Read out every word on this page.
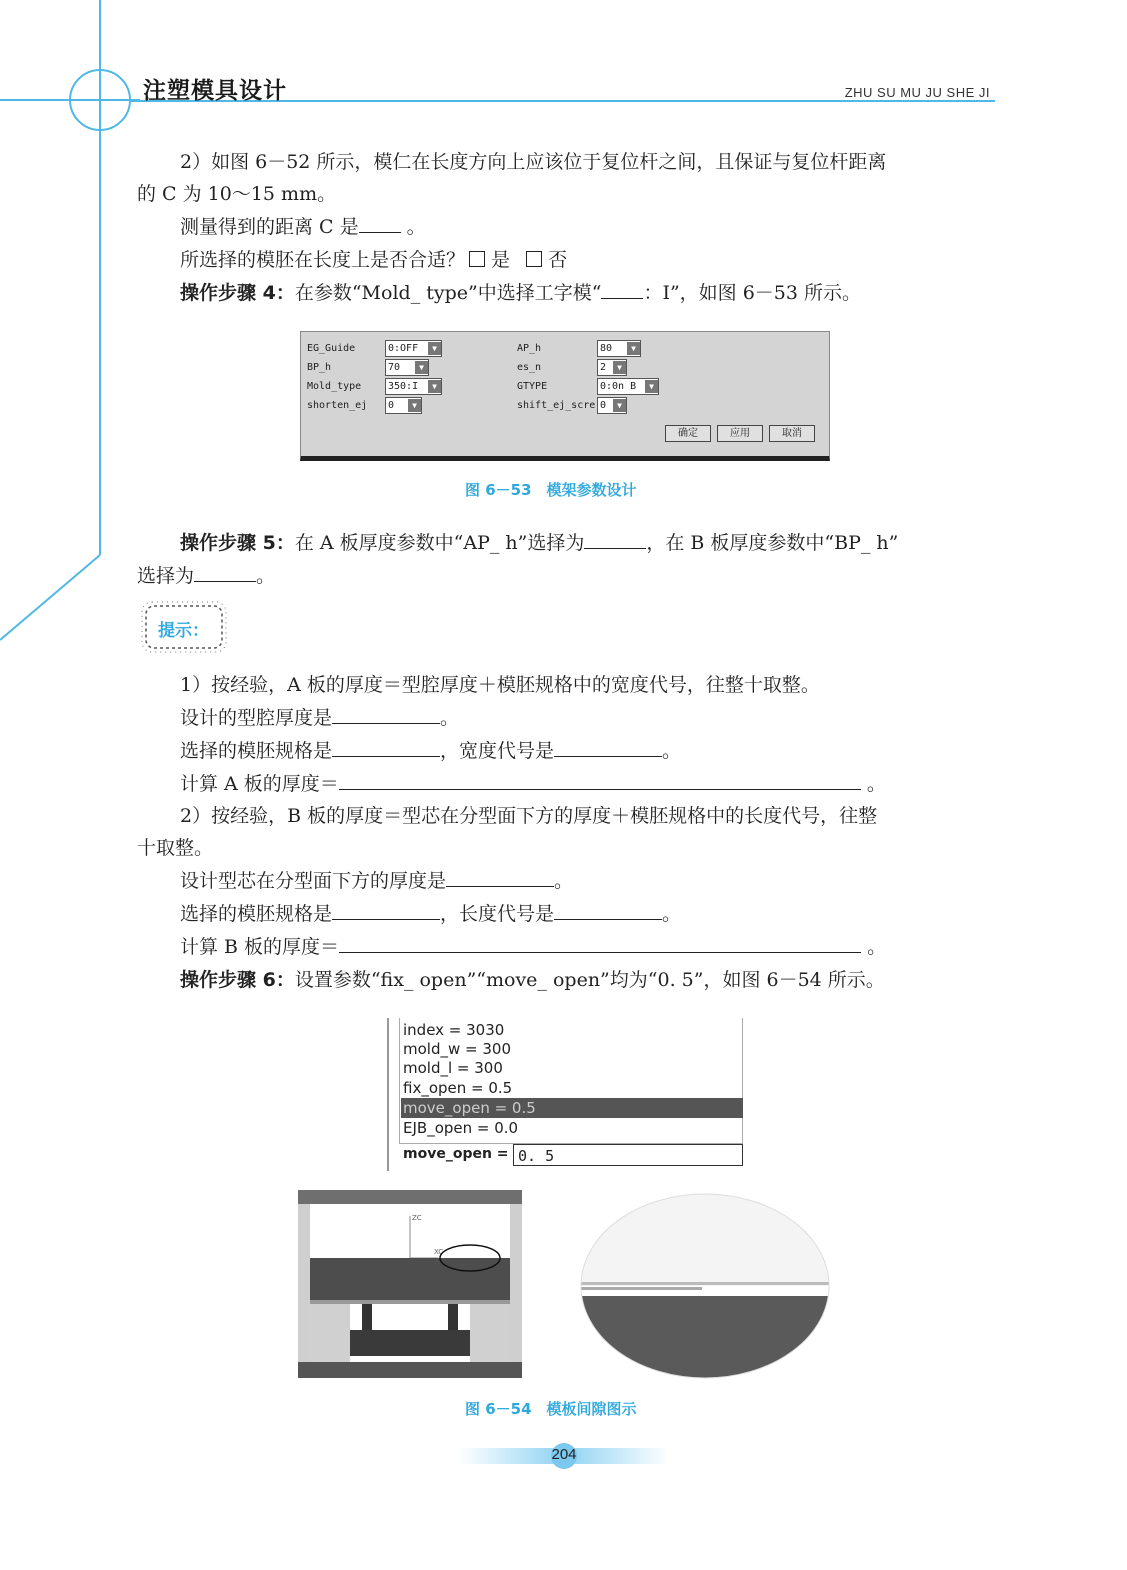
注塑模具设计	ZHU SU MU JU SHE JI
2）如图 6－52 所示，模仁在长度方向上应该位于复位杆之间，且保证与复位杆距离
的 C 为 10～15 mm。
测量得到的距离 C 是	。
所选择的模胚在长度上是否合适？ 是 否
操作步骤 4：在参数“Mold_ type”中选择工字模“ ：I”，如图 6－53 所示。
EG_Guide	0:OFF	▼
BP_h	70	▼
Mold_type	350:I	▼
shorten_ej 0	▼
AP_h	80	▼
es_n	2	▼
GTYPE	0:0n B	▼
shift_ej_scre 0	▼
确定	应用	取消
图 6－53　模架参数设计
操作步骤 5：在 A 板厚度参数中“AP_ h”选择为	，在 B 板厚度参数中“BP_ h”
选择为	。
提示：
1）按经验，A 板的厚度＝型腔厚度＋模胚规格中的宽度代号，往整十取整。
设计的型腔厚度是	。
选择的模胚规格是	，宽度代号是	。
计算 A 板的厚度＝	。
2）按经验，B 板的厚度＝型芯在分型面下方的厚度＋模胚规格中的长度代号，往整
十取整。
设计型芯在分型面下方的厚度是	。
选择的模胚规格是	，长度代号是	。
计算 B 板的厚度＝	。
操作步骤 6：设置参数“fix_ open”“move_ open”均为“0. 5”，如图 6－54 所示。
index = 3030
mold_w = 300
mold_l = 300
fix_open = 0.5
move_open = 0.5
EJB_open = 0.0
move_open = 0. 5
ZC
XC
图 6－54　模板间隙图示
204
